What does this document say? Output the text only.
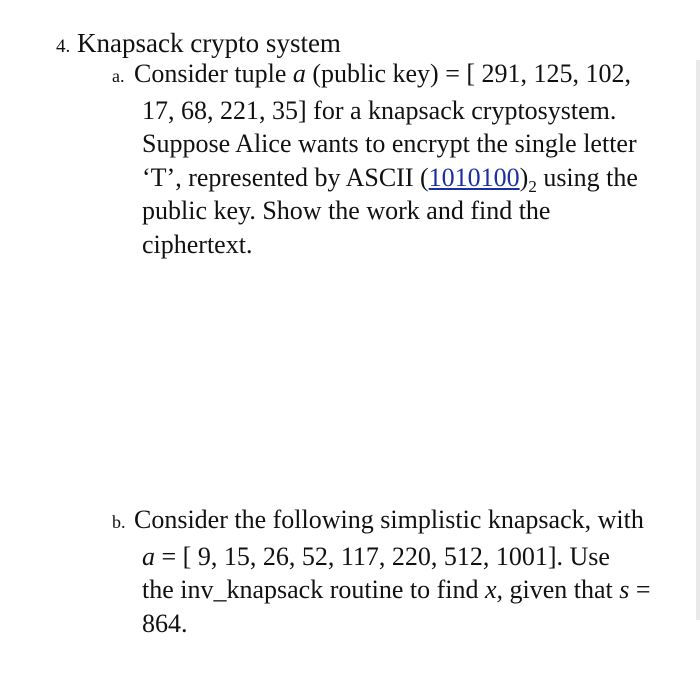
4. Knapsack crypto system
a. Consider tuple a (public key) = [ 291, 125, 102,
17, 68, 221, 35] for a knapsack cryptosystem.
Suppose Alice wants to encrypt the single letter
‘T’, represented by ASCII $(1010100)_2$ using the
public key. Show the work and find the
ciphertext.
b. Consider the following simplistic knapsack, with
a = [ 9, 15, 26, 52, 117, 220, 512, 1001]. Use
the inv_knapsack routine to find x, given that s =
864.
